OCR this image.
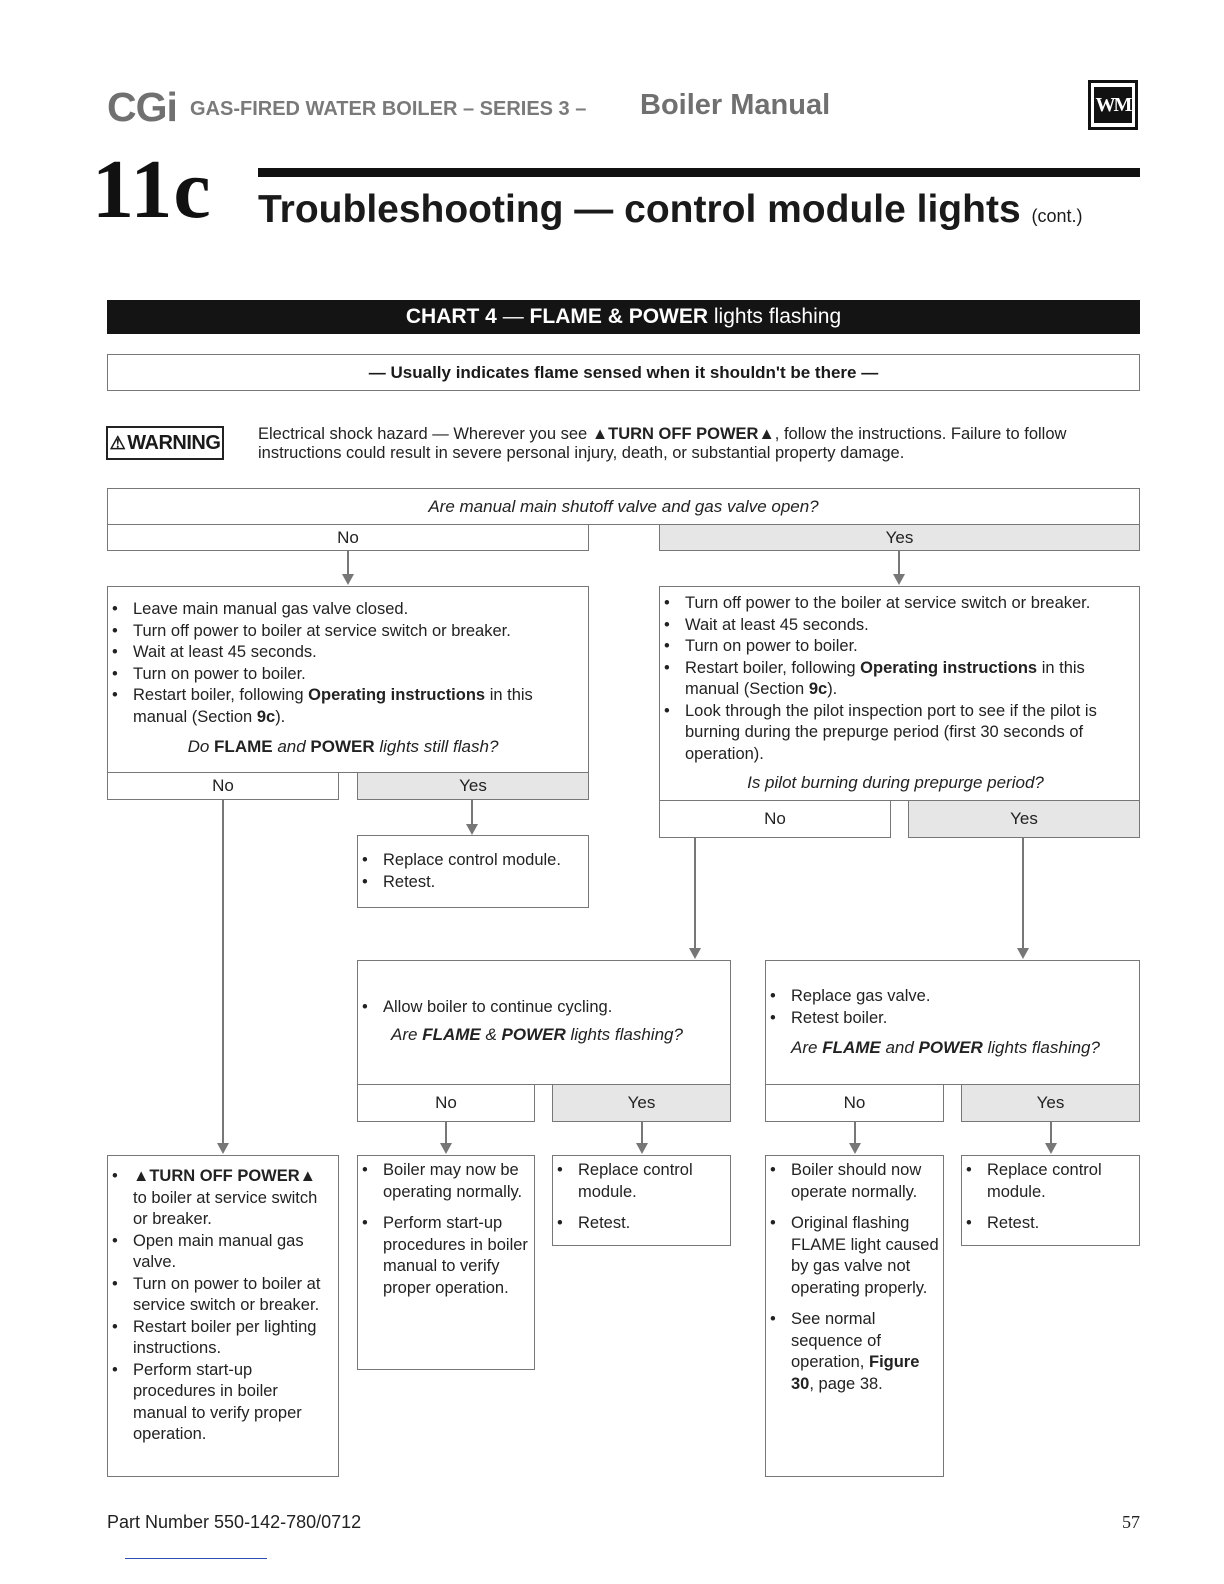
CGi GAS-FIRED WATER BOILER – SERIES 3 – Boiler Manual	WM
11c Troubleshooting — control module lights (cont.)
CHART 4 — FLAME & POWER lights flashing
— Usually indicates flame sensed when it shouldn't be there —
⚠ WARNING Electrical shock hazard — Wherever you see ▲TURN OFF POWER▲, follow the instructions. Failure to follow instructions could result in severe personal injury, death, or substantial property damage.
Are manual main shutoff valve and gas valve open?
No	Yes
• Leave main manual gas valve closed.
• Turn off power to boiler at service switch or breaker.
• Wait at least 45 seconds.
• Turn on power to boiler.
• Restart boiler, following Operating instructions in this manual (Section 9c).
Do FLAME and POWER lights still flash?
No	Yes
• Turn off power to the boiler at service switch or breaker.
• Wait at least 45 seconds.
• Turn on power to boiler.
• Restart boiler, following Operating instructions in this manual (Section 9c).
• Look through the pilot inspection port to see if the pilot is burning during the prepurge period (first 30 seconds of operation).
Is pilot burning during prepurge period?
No	Yes
• Replace control module.
• Retest.
• Allow boiler to continue cycling.
Are FLAME & POWER lights flashing?
No	Yes
• Replace gas valve.
• Retest boiler.
Are FLAME and POWER lights flashing?
No	Yes
• ▲TURN OFF POWER▲ to boiler at service switch or breaker.
• Open main manual gas valve.
• Turn on power to boiler at service switch or breaker.
• Restart boiler per lighting instructions.
• Perform start-up procedures in boiler manual to verify proper operation.
• Boiler may now be operating normally.
• Perform start-up procedures in boiler manual to verify proper operation.
• Replace control module.
• Retest.
• Boiler should now operate normally.
• Original flashing FLAME light caused by gas valve not operating properly.
• See normal sequence of operation, Figure 30, page 38.
• Replace control module.
• Retest.
Part Number 550-142-780/0712	57
